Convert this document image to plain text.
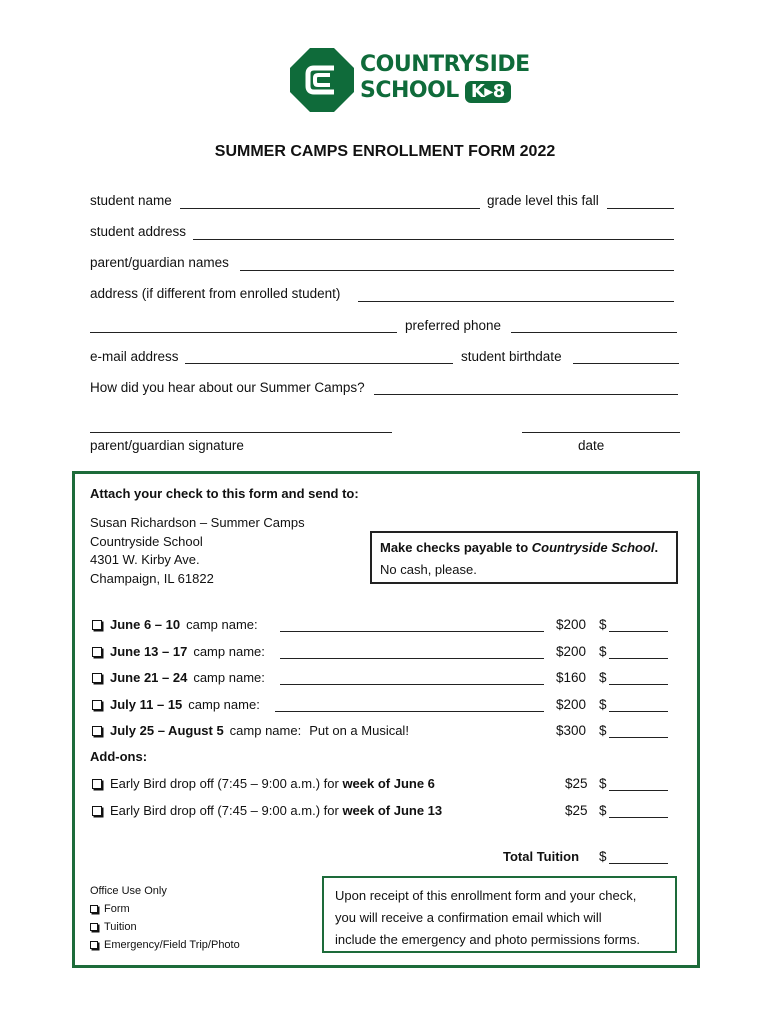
COUNTRYSIDE
SCHOOL K▸8
SUMMER CAMPS ENROLLMENT FORM 2022
student name	grade level this fall
student address
parent/guardian names
address (if different from enrolled student)
preferred phone
e-mail address	student birthdate
How did you hear about our Summer Camps?
parent/guardian signature	date
Attach your check to this form and send to:
Susan Richardson – Summer Camps
Countryside School
4301 W. Kirby Ave.
Champaign, IL 61822
Make checks payable to Countryside School.
No cash, please.
June 6 – 10 camp name:	$200 $
June 13 – 17 camp name:	$200 $
June 21 – 24 camp name:	$160 $
July 11 – 15 camp name:	$200 $
July 25 – August 5 camp name: Put on a Musical!	$300 $
Add-ons:
Early Bird drop off (7:45 – 9:00 a.m.) for week of June 6	$25 $
Early Bird drop off (7:45 – 9:00 a.m.) for week of June 13	$25 $
Total Tuition $
Office Use Only
Form
Tuition
Emergency/Field Trip/Photo
Upon receipt of this enrollment form and your check,
you will receive a confirmation email which will
include the emergency and photo permissions forms.
